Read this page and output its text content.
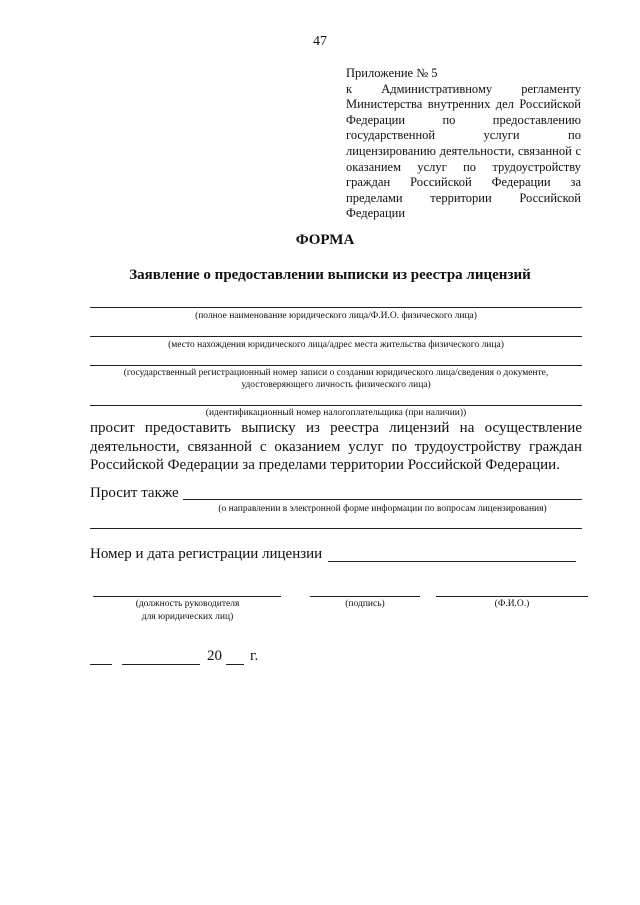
47
Приложение № 5
к Административному регламенту Министерства внутренних дел Российской Федерации по предоставлению государственной услуги по лицензированию деятельности, связанной с оказанием услуг по трудоустройству граждан Российской Федерации за пределами территории Российской Федерации
ФОРМА
Заявление о предоставлении выписки из реестра лицензий
(полное наименование юридического лица/Ф.И.О. физического лица)
(место нахождения юридического лица/адрес места жительства физического лица)
(государственный регистрационный номер записи о создании юридического лица/сведения о документе, удостоверяющего личность физического лица)
(идентификационный номер налогоплательщика (при наличии))
просит предоставить выписку из реестра лицензий на осуществление деятельности, связанной с оказанием услуг по трудоустройству граждан Российской Федерации за пределами территории Российской Федерации.
Просит также
(о направлении в электронной форме информации по вопросам лицензирования)
Номер и дата регистрации лицензии
(должность руководителя
для юридических лиц)
(подпись)	(Ф.И.О.)
20 г.
